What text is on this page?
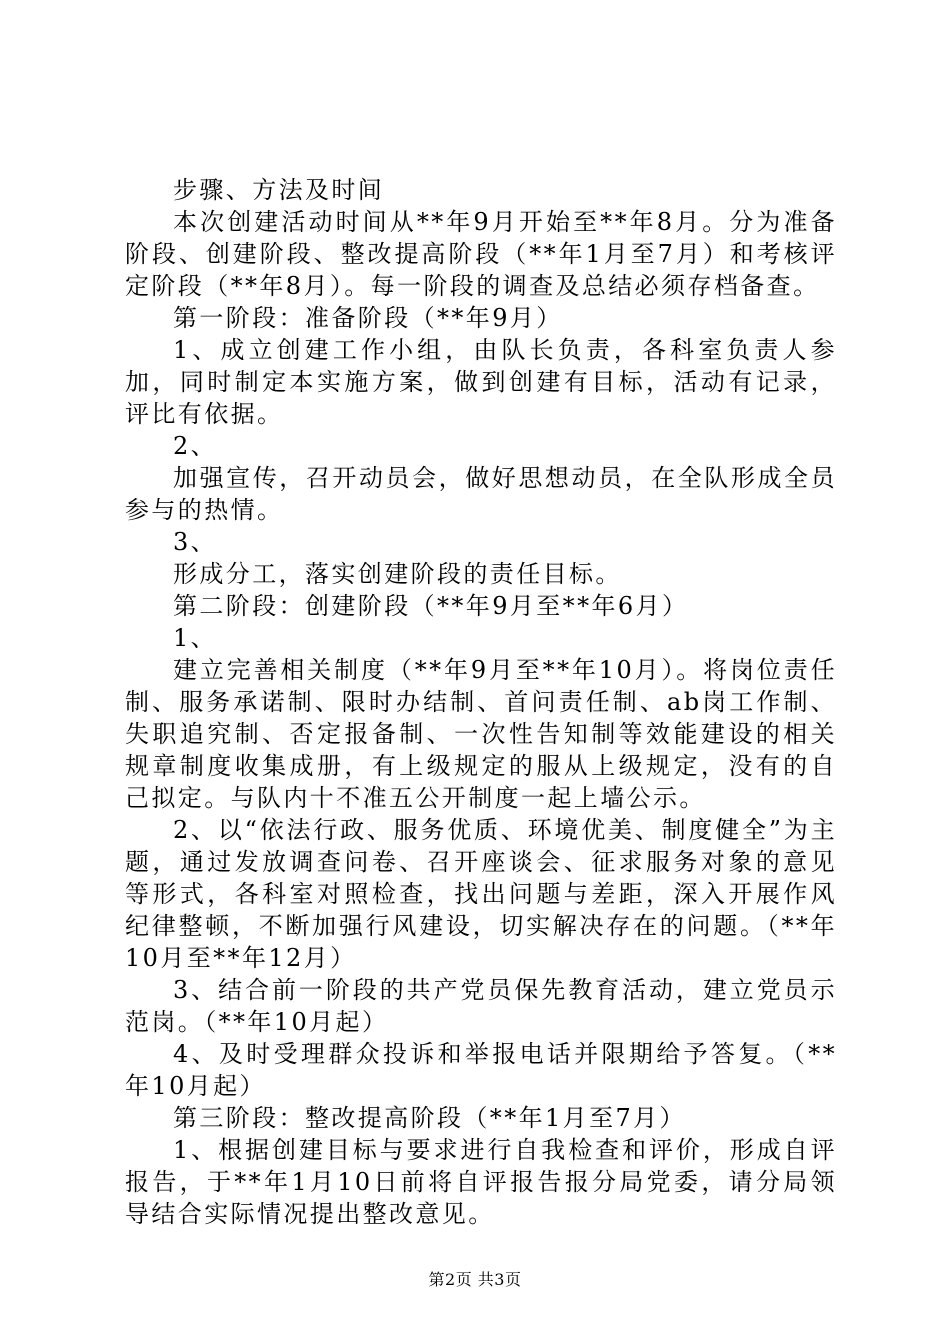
步骤、方法及时间

本次创建活动时间从**年9月开始至**年8月。分为准备阶段、创建阶段、整改提高阶段（**年1月至7月）和考核评定阶段（**年8月）。每一阶段的调查及总结必须存档备查。

第一阶段：准备阶段（**年9月）

1、成立创建工作小组，由队长负责，各科室负责人参加，同时制定本实施方案，做到创建有目标，活动有记录，评比有依据。

2、

加强宣传，召开动员会，做好思想动员，在全队形成全员参与的热情。

3、

形成分工，落实创建阶段的责任目标。

第二阶段：创建阶段（**年9月至**年6月）

1、

建立完善相关制度（**年9月至**年10月）。将岗位责任制、服务承诺制、限时办结制、首问责任制、ab岗工作制、失职追究制、否定报备制、一次性告知制等效能建设的相关规章制度收集成册，有上级规定的服从上级规定，没有的自己拟定。与队内十不准五公开制度一起上墙公示。

2、以“依法行政、服务优质、环境优美、制度健全”为主题，通过发放调查问卷、召开座谈会、征求服务对象的意见等形式，各科室对照检查，找出问题与差距，深入开展作风纪律整顿，不断加强行风建设，切实解决存在的问题。（**年10月至**年12月）

3、结合前一阶段的共产党员保先教育活动，建立党员示范岗。（**年10月起）

4、及时受理群众投诉和举报电话并限期给予答复。（**年10月起）

第三阶段：整改提高阶段（**年1月至7月）

1、根据创建目标与要求进行自我检查和评价，形成自评报告，于**年1月10日前将自评报告报分局党委，请分局领导结合实际情况提出整改意见。

第2页 共3页
